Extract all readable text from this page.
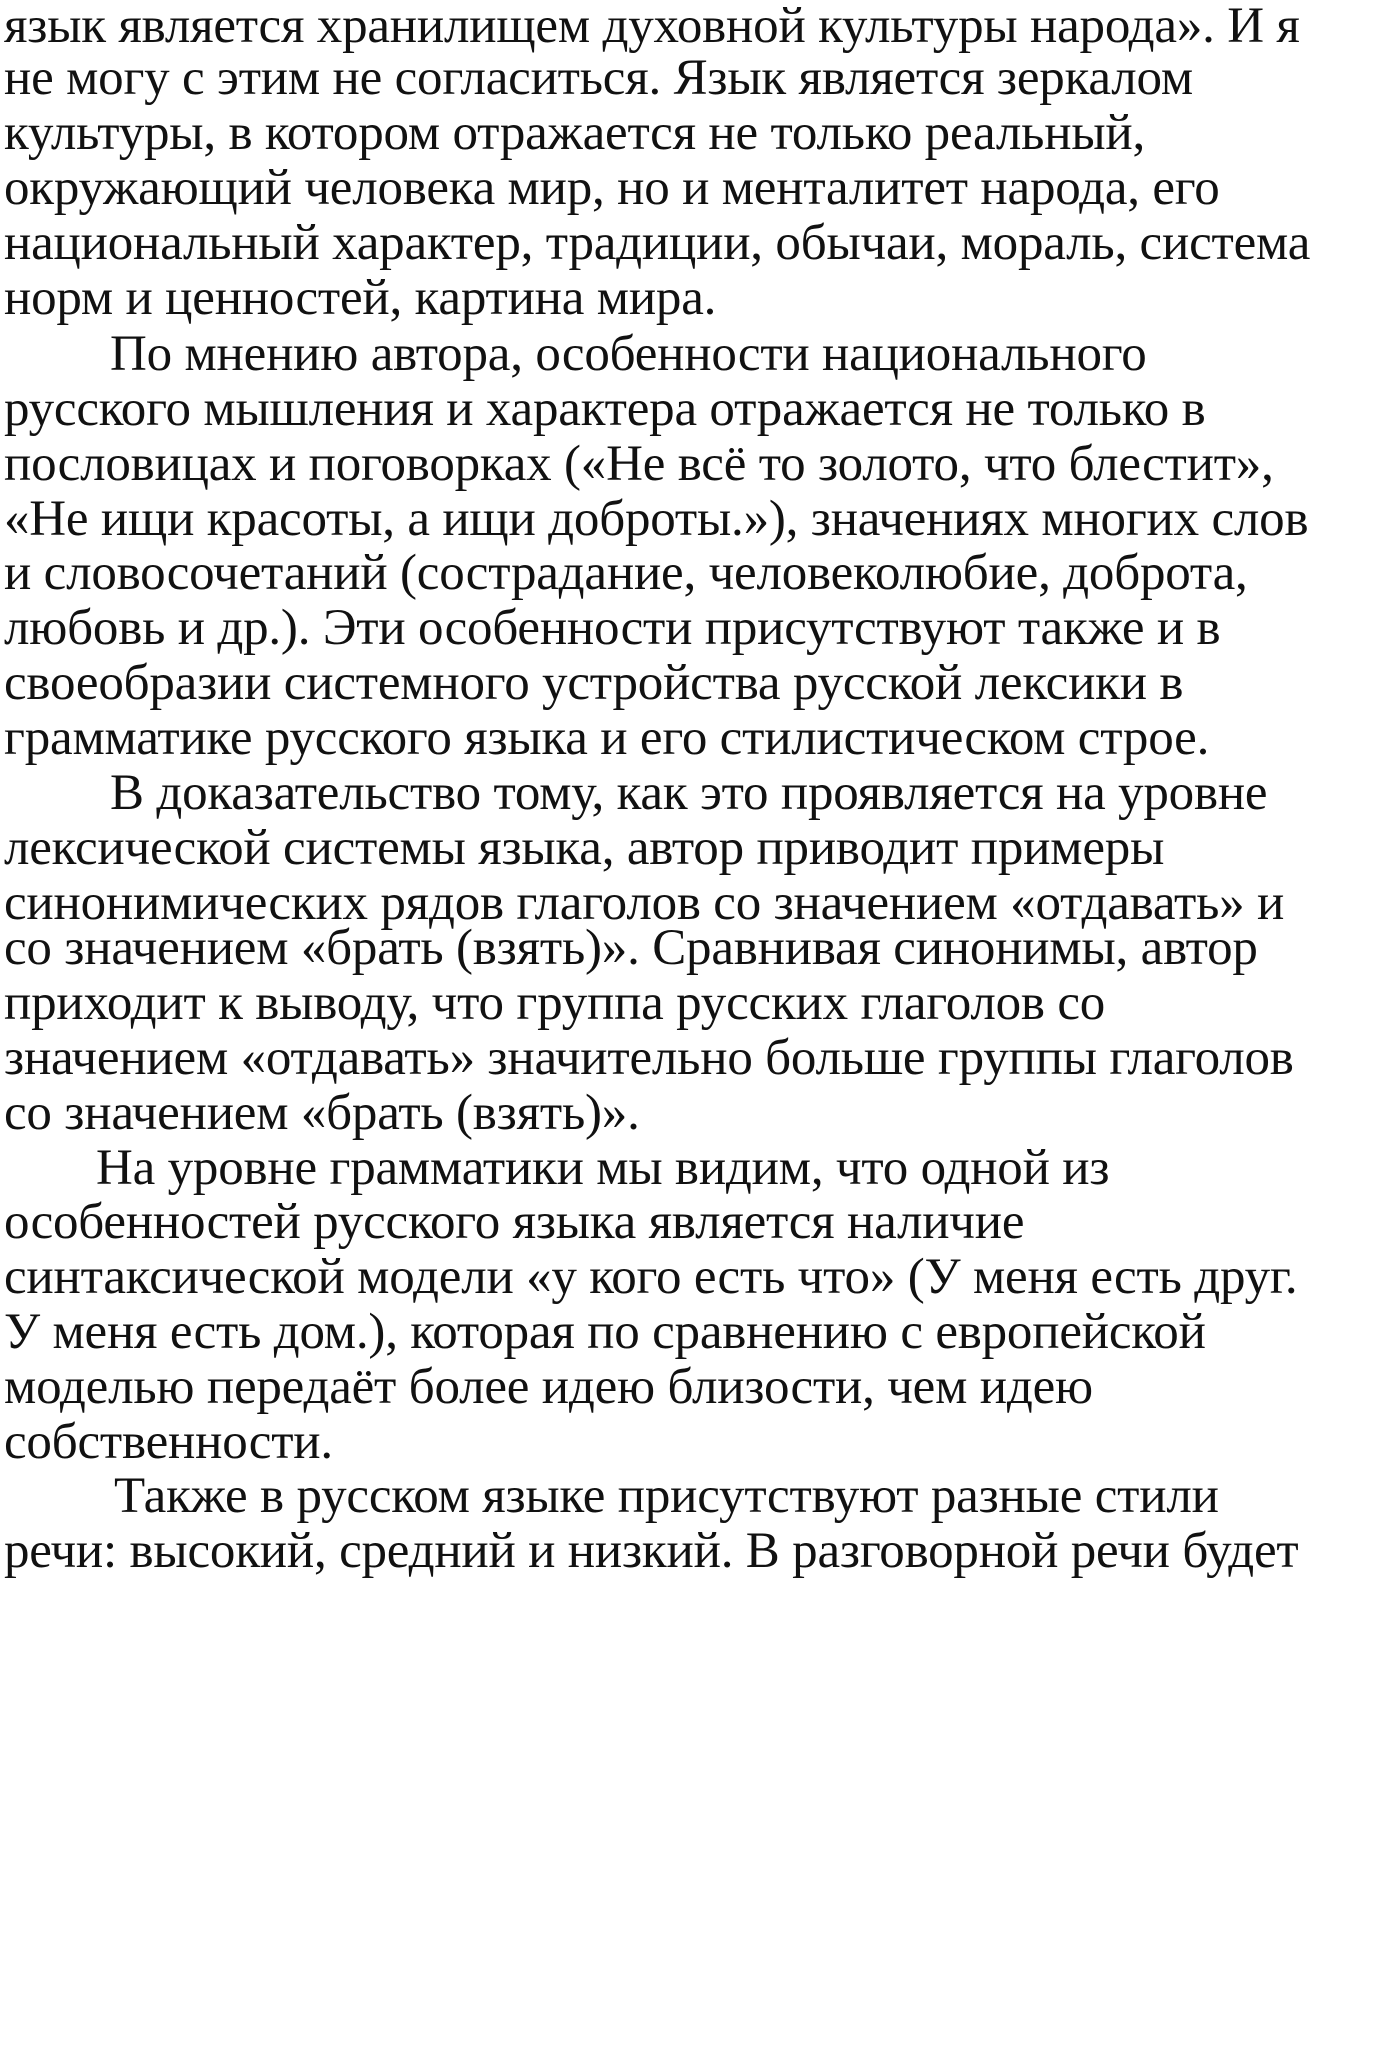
язык является хранилищем духовной культуры народа». И я
не могу с этим не согласиться. Язык является зеркалом
культуры, в котором отражается не только реальный,
окружающий человека мир, но и менталитет народа, его
национальный характер, традиции, обычаи, мораль, система
норм и ценностей, картина мира.
По мнению автора, особенности национального
русского мышления и характера отражается не только в
пословицах и поговорках («Не всё то золото, что блестит»,
«Не ищи красоты, а ищи доброты.»), значениях многих слов
и словосочетаний (сострадание, человеколюбие, доброта,
любовь и др.). Эти особенности присутствуют также и в
своеобразии системного устройства русской лексики в
грамматике русского языка и его стилистическом строе.
В доказательство тому, как это проявляется на уровне
лексической системы языка, автор приводит примеры
синонимических рядов глаголов со значением «отдавать» и
со значением «брать (взять)». Сравнивая синонимы, автор
приходит к выводу, что группа русских глаголов со
значением «отдавать» значительно больше группы глаголов
со значением «брать (взять)».
На уровне грамматики мы видим, что одной из
особенностей русского языка является наличие
синтаксической модели «у кого есть что» (У меня есть друг.
У меня есть дом.), которая по сравнению с европейской
моделью передаёт более идею близости, чем идею
собственности.
Также в русском языке присутствуют разные стили
речи: высокий, средний и низкий. В разговорной речи будет
